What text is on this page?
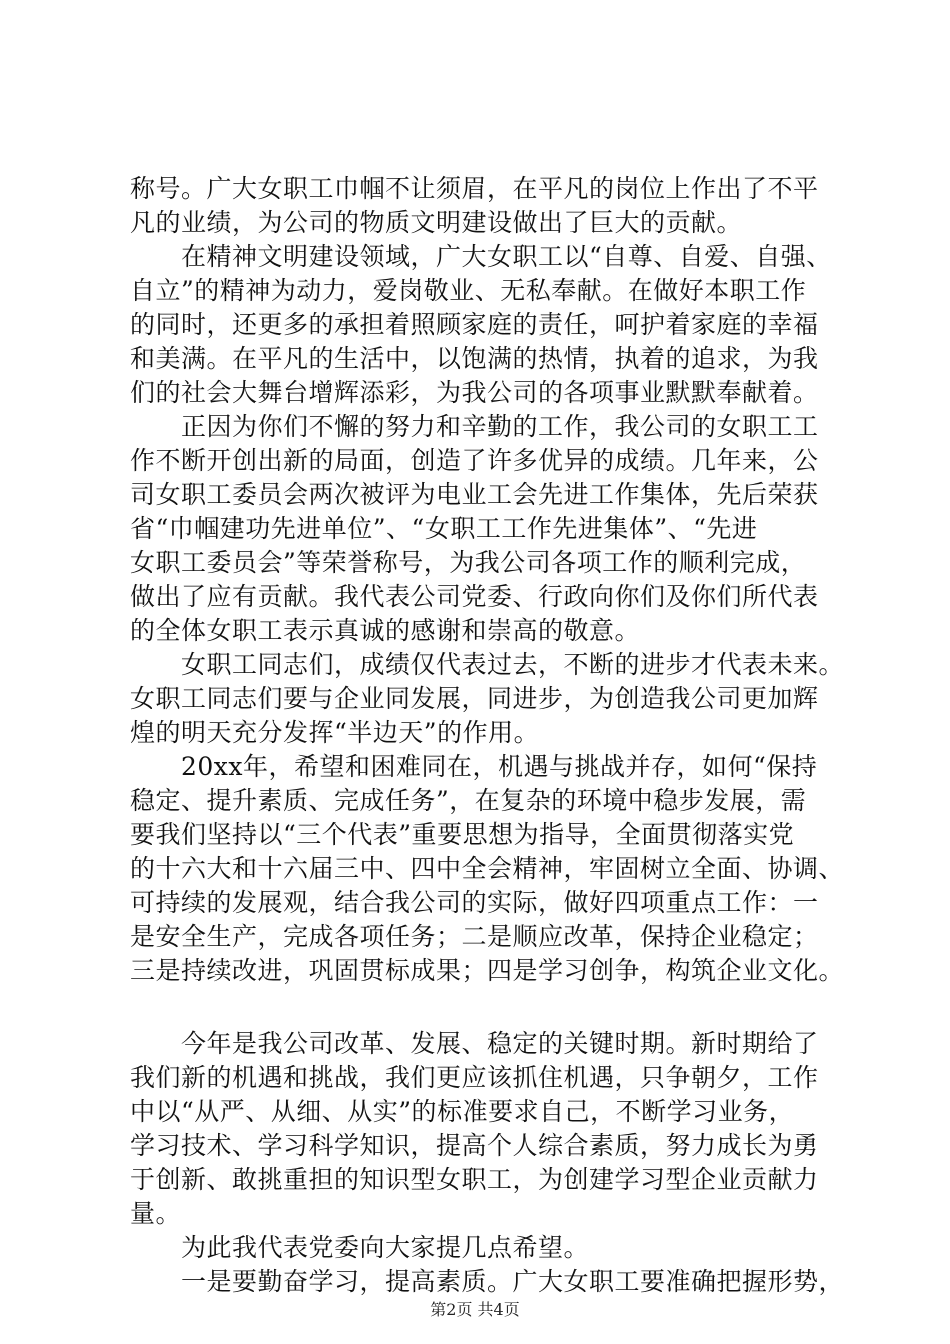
称号。广大女职工巾帼不让须眉，在平凡的岗位上作出了不平
凡的业绩，为公司的物质文明建设做出了巨大的贡献。
在精神文明建设领域，广大女职工以“自尊、自爱、自强、
自立”的精神为动力，爱岗敬业、无私奉献。在做好本职工作
的同时，还更多的承担着照顾家庭的责任，呵护着家庭的幸福
和美满。在平凡的生活中，以饱满的热情，执着的追求，为我
们的社会大舞台增辉添彩，为我公司的各项事业默默奉献着。
正因为你们不懈的努力和辛勤的工作，我公司的女职工工
作不断开创出新的局面，创造了许多优异的成绩。几年来，公
司女职工委员会两次被评为电业工会先进工作集体，先后荣获
省“巾帼建功先进单位”、“女职工工作先进集体”、“先进
女职工委员会”等荣誉称号，为我公司各项工作的顺利完成，
做出了应有贡献。我代表公司党委、行政向你们及你们所代表
的全体女职工表示真诚的感谢和崇高的敬意。
女职工同志们，成绩仅代表过去，不断的进步才代表未来。
女职工同志们要与企业同发展，同进步，为创造我公司更加辉
煌的明天充分发挥“半边天”的作用。
20xx年，希望和困难同在，机遇与挑战并存，如何“保持
稳定、提升素质、完成任务”，在复杂的环境中稳步发展，需
要我们坚持以“三个代表”重要思想为指导，全面贯彻落实党
的十六大和十六届三中、四中全会精神，牢固树立全面、协调、
可持续的发展观，结合我公司的实际，做好四项重点工作：一
是安全生产，完成各项任务；二是顺应改革，保持企业稳定；
三是持续改进，巩固贯标成果；四是学习创争，构筑企业文化。
今年是我公司改革、发展、稳定的关键时期。新时期给了
我们新的机遇和挑战，我们更应该抓住机遇，只争朝夕，工作
中以“从严、从细、从实”的标准要求自己，不断学习业务，
学习技术、学习科学知识，提高个人综合素质，努力成长为勇
于创新、敢挑重担的知识型女职工，为创建学习型企业贡献力
量。
为此我代表党委向大家提几点希望。
一是要勤奋学习，提高素质。广大女职工要准确把握形势，
第2页 共4页
